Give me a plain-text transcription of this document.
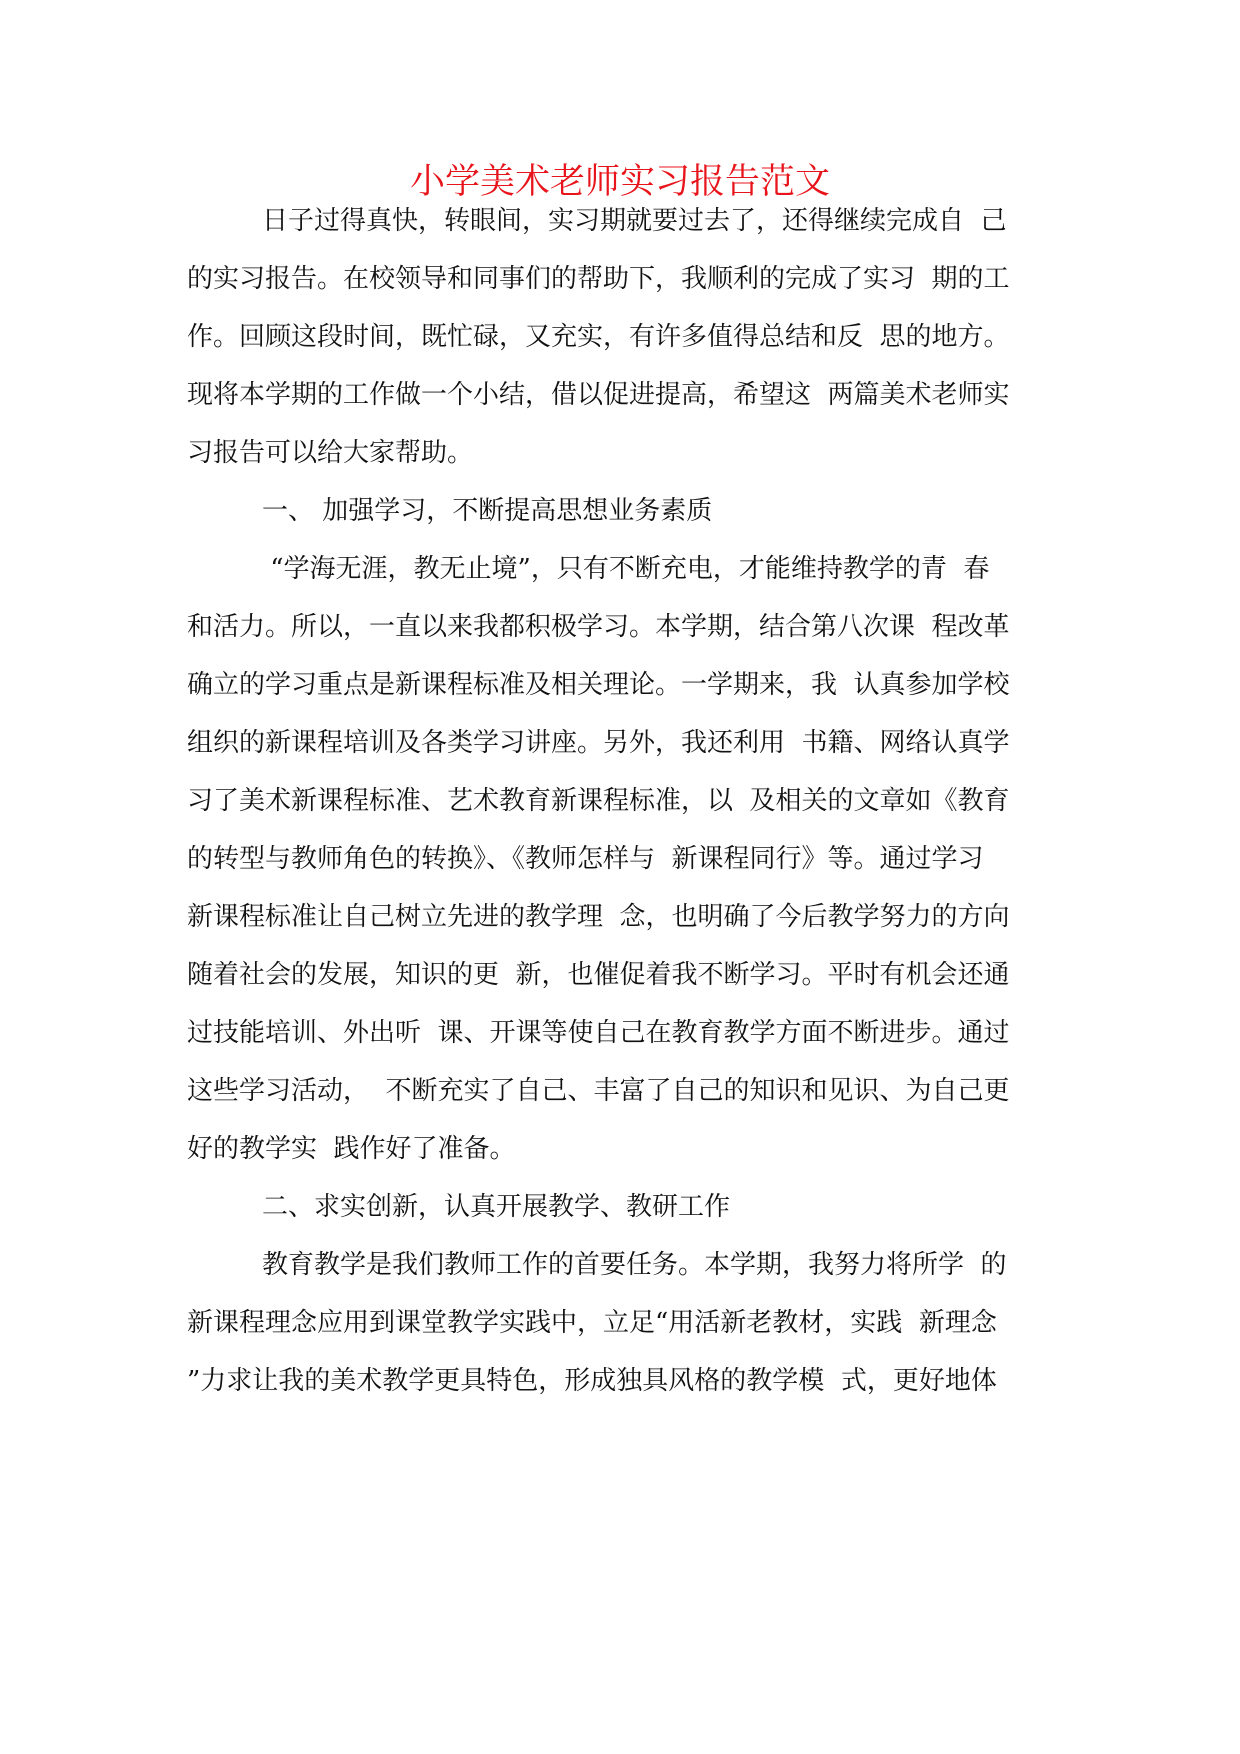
小学美术老师实习报告范文
日子过得真快，转眼间，实习期就要过去了，还得继续完成自  己
的实习报告。在校领导和同事们的帮助下，我顺利的完成了实习  期的工
作。回顾这段时间，既忙碌，又充实，有许多值得总结和反  思的地方。
现将本学期的工作做一个小结，借以促进提高，希望这  两篇美术老师实
习报告可以给大家帮助。
一、 加强学习，不断提高思想业务素质
“学海无涯，教无止境”，只有不断充电，才能维持教学的青  春
和活力。所以，一直以来我都积极学习。本学期，结合第八次课  程改革
确立的学习重点是新课程标准及相关理论。一学期来，我  认真参加学校
组织的新课程培训及各类学习讲座。另外，我还利用  书籍、网络认真学
习了美术新课程标准、艺术教育新课程标准，以  及相关的文章如《教育
的转型与教师角色的转换》、《教师怎样与  新课程同行》等。通过学习
新课程标准让自己树立先进的教学理  念，也明确了今后教学努力的方向
随着社会的发展，知识的更  新，也催促着我不断学习。平时有机会还通
过技能培训、外出听  课、开课等使自己在教育教学方面不断进步。通过
这些学习活动，  不断充实了自己、丰富了自己的知识和见识、为自己更
好的教学实  践作好了准备。
二、求实创新，认真开展教学、教研工作
教育教学是我们教师工作的首要任务。本学期，我努力将所学  的
新课程理念应用到课堂教学实践中，立足“用活新老教材，实践  新理念
”力求让我的美术教学更具特色，形成独具风格的教学模  式，更好地体
